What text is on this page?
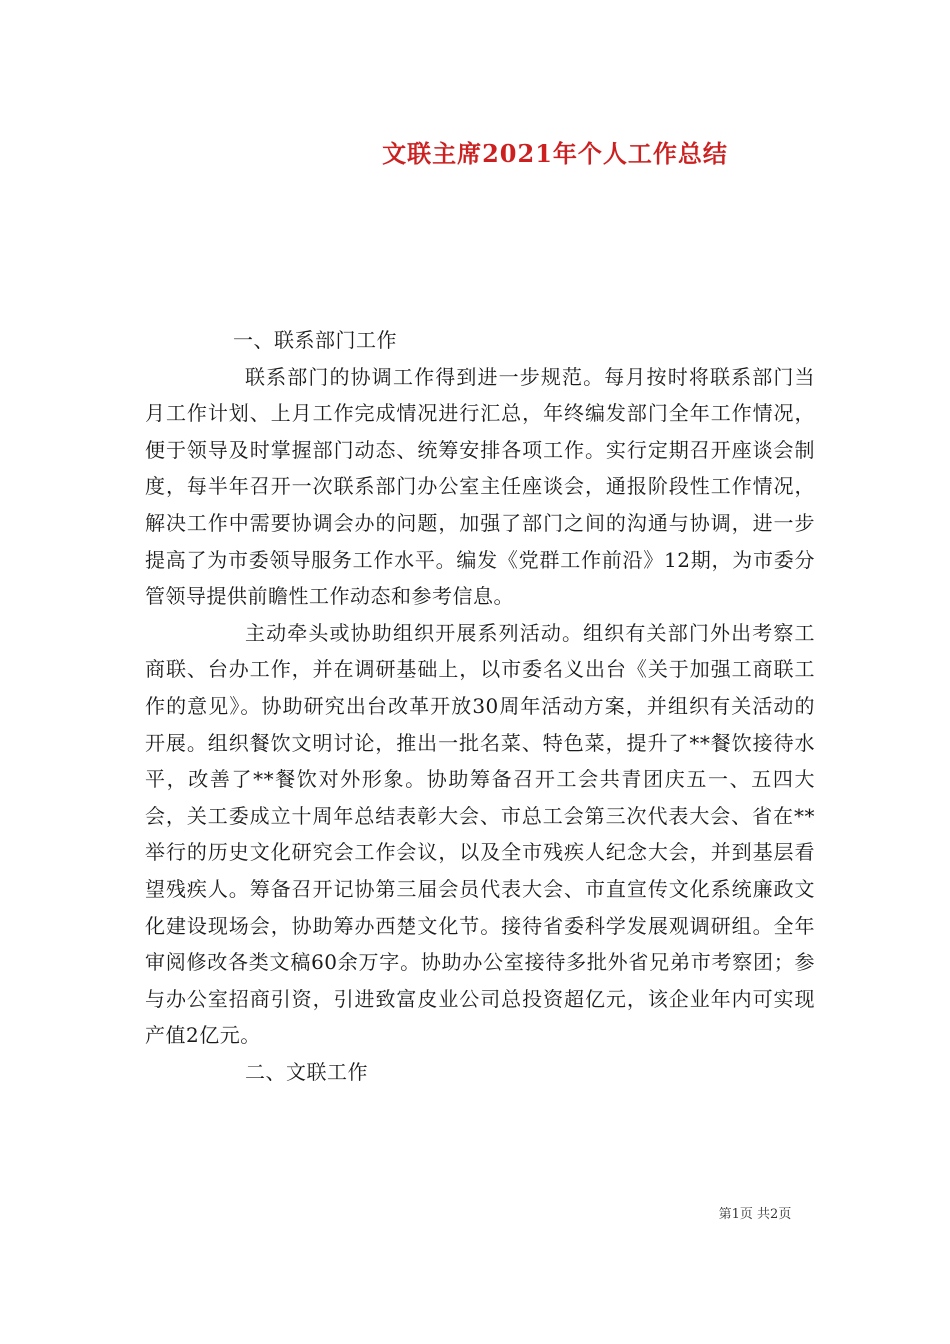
文联主席2021年个人工作总结

一、联系部门工作

联系部门的协调工作得到进一步规范。每月按时将联系部门当月工作计划、上月工作完成情况进行汇总，年终编发部门全年工作情况，便于领导及时掌握部门动态、统筹安排各项工作。实行定期召开座谈会制度，每半年召开一次联系部门办公室主任座谈会，通报阶段性工作情况，解决工作中需要协调会办的问题，加强了部门之间的沟通与协调，进一步提高了为市委领导服务工作水平。编发《党群工作前沿》12期，为市委分管领导提供前瞻性工作动态和参考信息。

主动牵头或协助组织开展系列活动。组织有关部门外出考察工商联、台办工作，并在调研基础上，以市委名义出台《关于加强工商联工作的意见》。协助研究出台改革开放30周年活动方案，并组织有关活动的开展。组织餐饮文明讨论，推出一批名菜、特色菜，提升了**餐饮接待水平，改善了**餐饮对外形象。协助筹备召开工会共青团庆五一、五四大会，关工委成立十周年总结表彰大会、市总工会第三次代表大会、省在**举行的历史文化研究会工作会议，以及全市残疾人纪念大会，并到基层看望残疾人。筹备召开记协第三届会员代表大会、市直宣传文化系统廉政文化建设现场会，协助筹办西楚文化节。接待省委科学发展观调研组。全年审阅修改各类文稿60余万字。协助办公室接待多批外省兄弟市考察团；参与办公室招商引资，引进致富皮业公司总投资超亿元，该企业年内可实现产值2亿元。

二、文联工作

第1页 共2页
